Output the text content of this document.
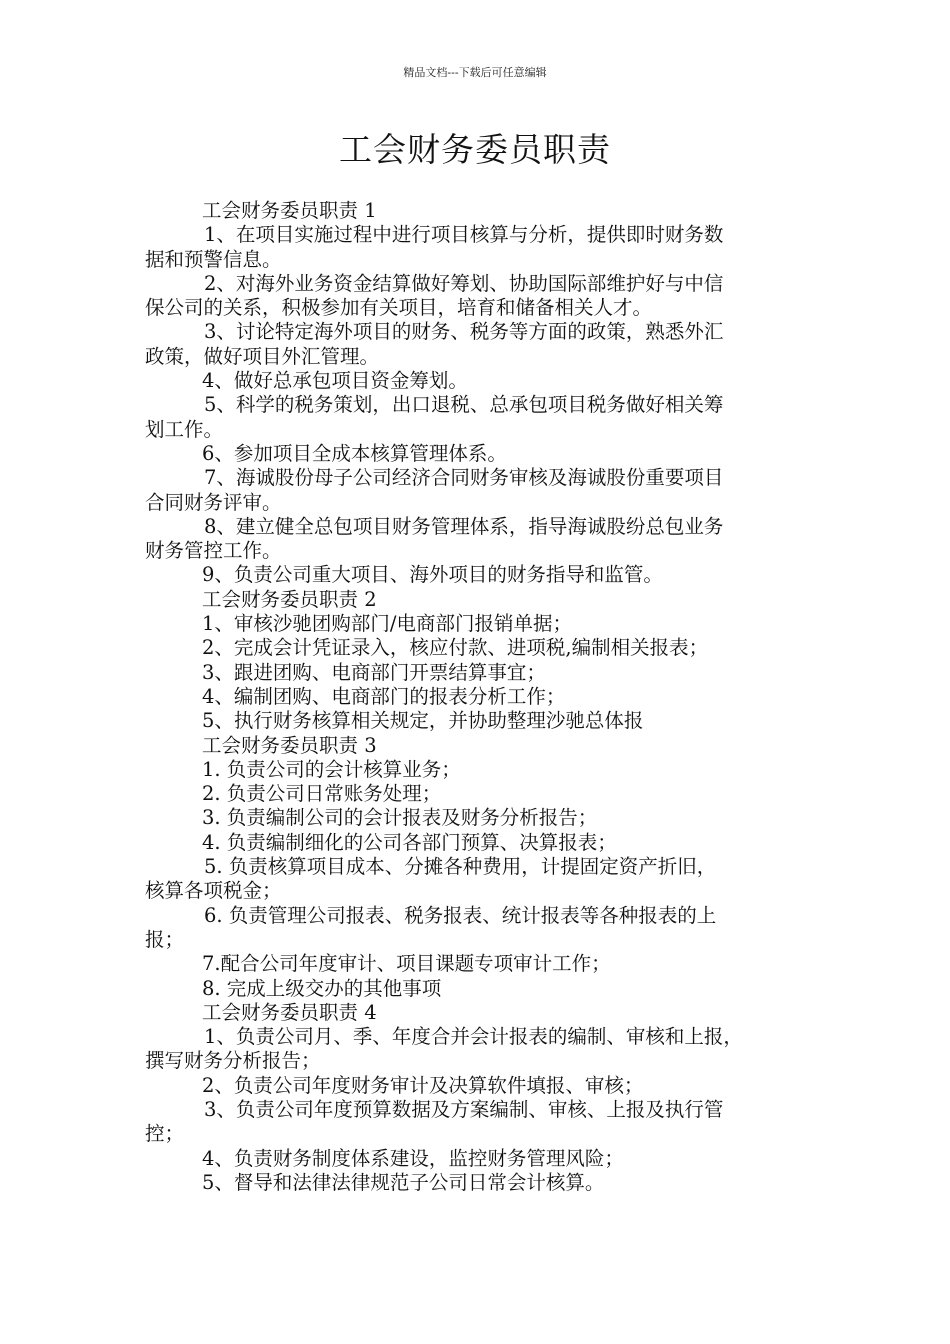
精品文档---下载后可任意编辑
工会财务委员职责

工会财务委员职责 1

1、在项目实施过程中进行项目核算与分析，提供即时财务数

据和预警信息。

2、对海外业务资金结算做好筹划、协助国际部维护好与中信

保公司的关系，积极参加有关项目，培育和储备相关人才。

3、讨论特定海外项目的财务、税务等方面的政策，熟悉外汇

政策，做好项目外汇管理。

4、做好总承包项目资金筹划。

5、科学的税务策划，出口退税、总承包项目税务做好相关筹

划工作。

6、参加项目全成本核算管理体系。

7、海诚股份母子公司经济合同财务审核及海诚股份重要项目

合同财务评审。

8、建立健全总包项目财务管理体系，指导海诚股纷总包业务

财务管控工作。

9、负责公司重大项目、海外项目的财务指导和监管。

工会财务委员职责 2

1、审核沙驰团购部门/电商部门报销单据；

2、完成会计凭证录入，核应付款、进项税,编制相关报表；

3、跟进团购、电商部门开票结算事宜；

4、编制团购、电商部门的报表分析工作；

5、执行财务核算相关规定，并协助整理沙驰总体报

工会财务委员职责 3

1. 负责公司的会计核算业务；

2. 负责公司日常账务处理；

3. 负责编制公司的会计报表及财务分析报告；

4. 负责编制细化的公司各部门预算、决算报表；

5. 负责核算项目成本、分摊各种费用，计提固定资产折旧，

核算各项税金；

6. 负责管理公司报表、税务报表、统计报表等各种报表的上

报；

7.配合公司年度审计、项目课题专项审计工作；

8. 完成上级交办的其他事项

工会财务委员职责 4

1、负责公司月、季、年度合并会计报表的编制、审核和上报，

撰写财务分析报告；

2、负责公司年度财务审计及决算软件填报、审核；

3、负责公司年度预算数据及方案编制、审核、上报及执行管

控；

4、负责财务制度体系建设，监控财务管理风险；

5、督导和法律法律规范子公司日常会计核算。
